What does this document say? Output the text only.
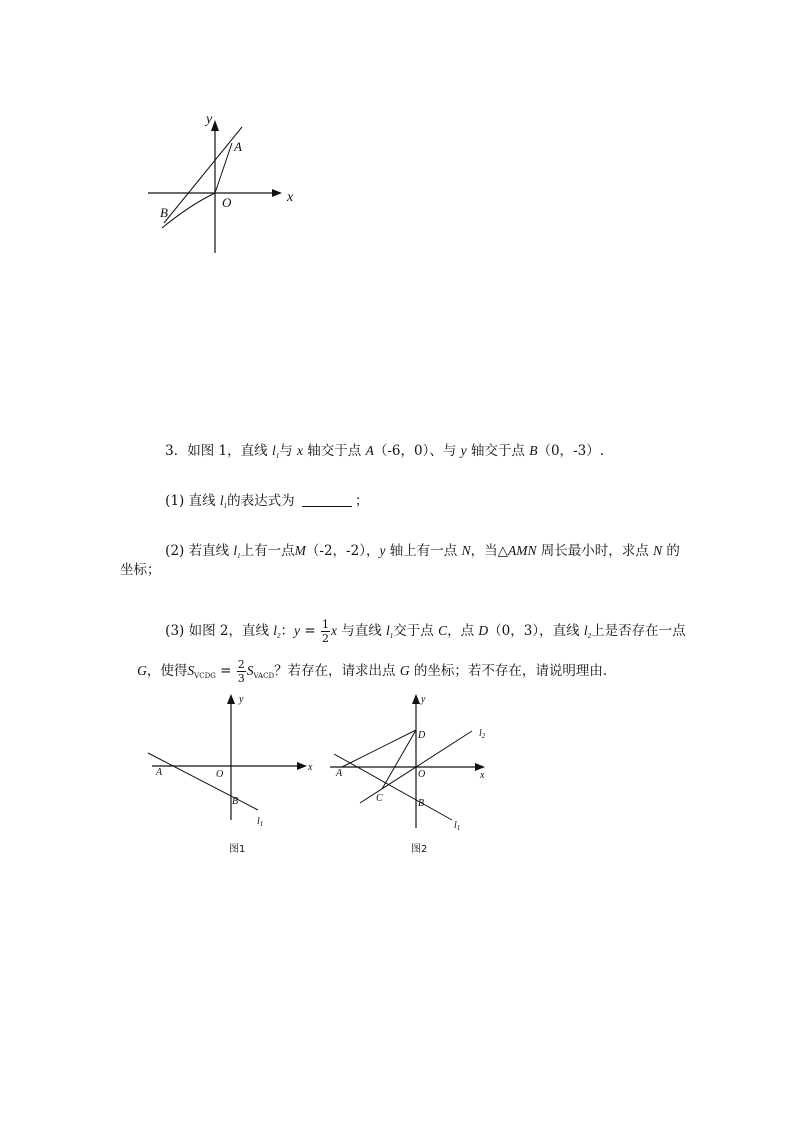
y
x
A
B
O

3．如图 1，直线 $l_1$与 x 轴交于点 A（-6，0）、与 y 轴交于点 B（0，-3）.

(1) 直线 $l_1$的表达式为	；

(2) 若直线 $l_1$上有一点M（-2，-2），y 轴上有一点 N，当△AMN 周长最小时，求点 N 的

坐标；

(3) 如图 2，直线 $l_2$：$y = \frac{1}{2}$ x 与直线 $l_1$交于点 C，点 D（0，3），直线 $l_2$上是否存在一点

G，使得$S_{VCDG} = \frac{2}{3} S_{VACD}$？若存在，请求出点 G 的坐标；若不存在，请说明理由.

y
x
A	O
B
$l_1$
图1
y
x
A	O
B
C
D	$l_2$
$l_1$
图2
